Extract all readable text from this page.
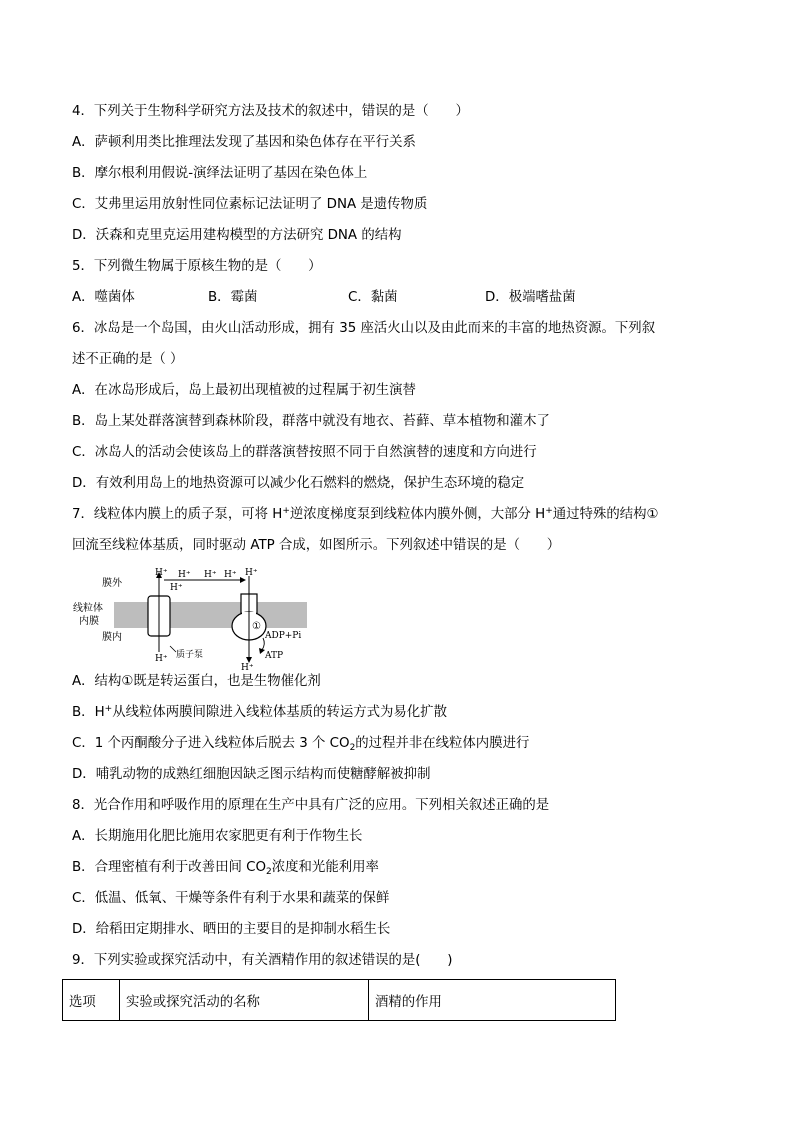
4．下列关于生物科学研究方法及技术的叙述中，错误的是（　　）

A．萨顿利用类比推理法发现了基因和染色体存在平行关系

B．摩尔根利用假说-演绎法证明了基因在染色体上

C．艾弗里运用放射性同位素标记法证明了 DNA 是遗传物质

D．沃森和克里克运用建构模型的方法研究 DNA 的结构

5．下列微生物属于原核生物的是（　　）

A．噬菌体	B．霉菌	C．黏菌	D．极端嗜盐菌

6．冰岛是一个岛国，由火山活动形成，拥有 35 座活火山以及由此而来的丰富的地热资源。下列叙

述不正确的是（ ）

A．在冰岛形成后，岛上最初出现植被的过程属于初生演替

B．岛上某处群落演替到森林阶段，群落中就没有地衣、苔藓、草本植物和灌木了

C．冰岛人的活动会使该岛上的群落演替按照不同于自然演替的速度和方向进行

D．有效利用岛上的地热资源可以减少化石燃料的燃烧，保护生态环境的稳定

7．线粒体内膜上的质子泵，可将 H+逆浓度梯度泵到线粒体内膜外侧，大部分 H+通过特殊的结构①

回流至线粒体基质，同时驱动 ATP 合成，如图所示。下列叙述中错误的是（　　）

膜外
线粒体
内膜
膜内
H⁺
H⁺
H⁺
质子泵
H⁺ H⁺ H⁺ H⁺
H⁺
①
ADP+Pi
ATP

A．结构①既是转运蛋白，也是生物催化剂

B．H+从线粒体两膜间隙进入线粒体基质的转运方式为易化扩散

C．1 个丙酮酸分子进入线粒体后脱去 3 个 $CO_2$的过程并非在线粒体内膜进行

D．哺乳动物的成熟红细胞因缺乏图示结构而使糖酵解被抑制

8．光合作用和呼吸作用的原理在生产中具有广泛的应用。下列相关叙述正确的是

A．长期施用化肥比施用农家肥更有利于作物生长

B．合理密植有利于改善田间 $CO_2$浓度和光能利用率

C．低温、低氧、干燥等条件有利于水果和蔬菜的保鲜

D．给稻田定期排水、晒田的主要目的是抑制水稻生长

9．下列实验或探究活动中，有关酒精作用的叙述错误的是(　　)

选项	实验或探究活动的名称	酒精的作用
